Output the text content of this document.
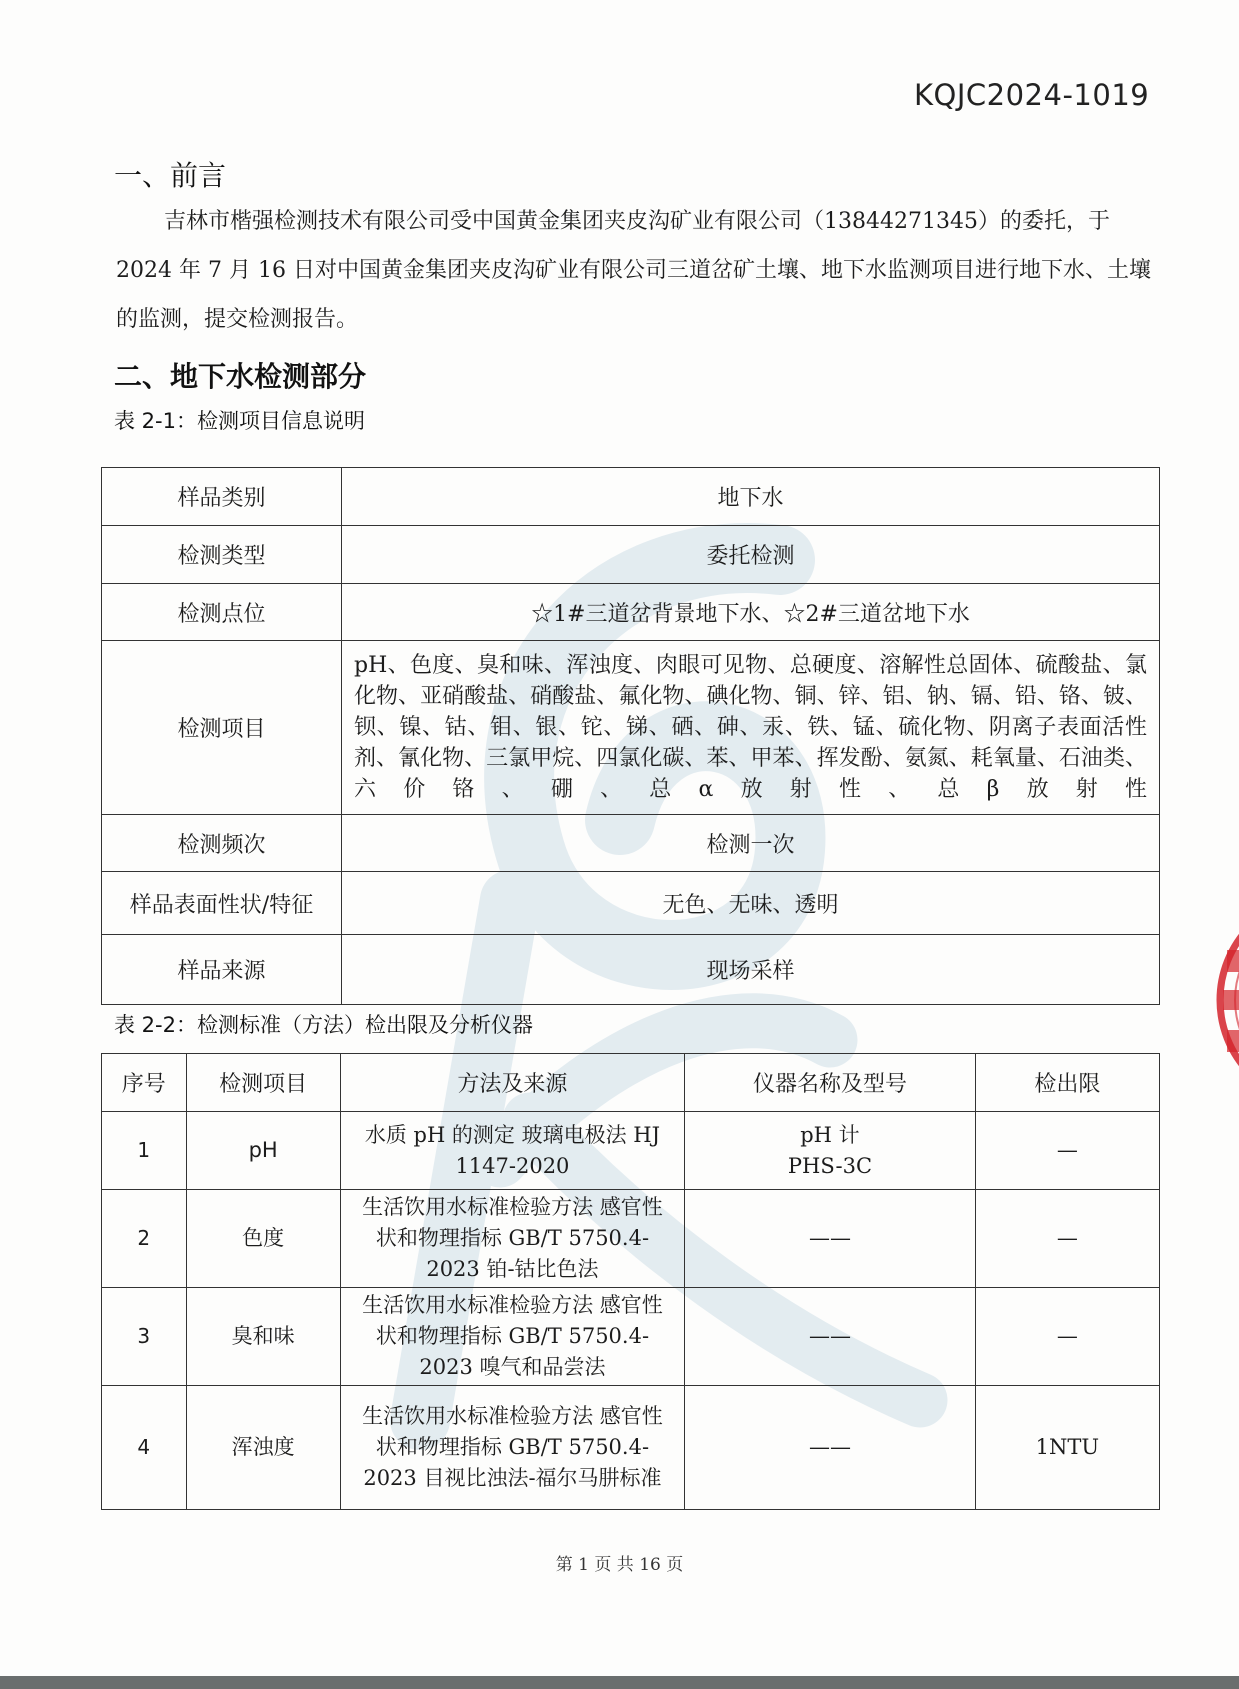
KQJC2024-1019
一、前言
吉林市楷强检测技术有限公司受中国黄金集团夹皮沟矿业有限公司（13844271345）的委托，于 2024 年 7 月 16 日对中国黄金集团夹皮沟矿业有限公司三道岔矿土壤、地下水监测项目进行地下水、土壤的监测，提交检测报告。
二、地下水检测部分
表 2-1：检测项目信息说明
样品类别	地下水
检测类型	委托检测
检测点位	☆1#三道岔背景地下水、☆2#三道岔地下水
检测项目	pH、色度、臭和味、浑浊度、肉眼可见物、总硬度、溶解性总固体、硫酸盐、氯化物、亚硝酸盐、硝酸盐、氟化物、碘化物、铜、锌、铝、钠、镉、铅、铬、铍、钡、镍、钴、钼、银、铊、锑、硒、砷、汞、铁、锰、硫化物、阴离子表面活性剂、氰化物、三氯甲烷、四氯化碳、苯、甲苯、挥发酚、氨氮、耗氧量、石油类、六价铬、硼、总α放射性、总β放射性
检测频次	检测一次
样品表面性状/特征	无色、无味、透明
样品来源	现场采样
表 2-2：检测标准（方法）检出限及分析仪器
序号	检测项目	方法及来源	仪器名称及型号	检出限
1	pH	水质 pH 的测定 玻璃电极法 HJ 1147-2020	pH 计 PHS-3C	—
2	色度	生活饮用水标准检验方法 感官性状和物理指标 GB/T 5750.4-2023 铂-钴比色法	——	—
3	臭和味	生活饮用水标准检验方法 感官性状和物理指标 GB/T 5750.4-2023 嗅气和品尝法	——	—
4	浑浊度	生活饮用水标准检验方法 感官性状和物理指标 GB/T 5750.4-2023 目视比浊法-福尔马肼标准	——	1NTU
第 1 页 共 16 页
